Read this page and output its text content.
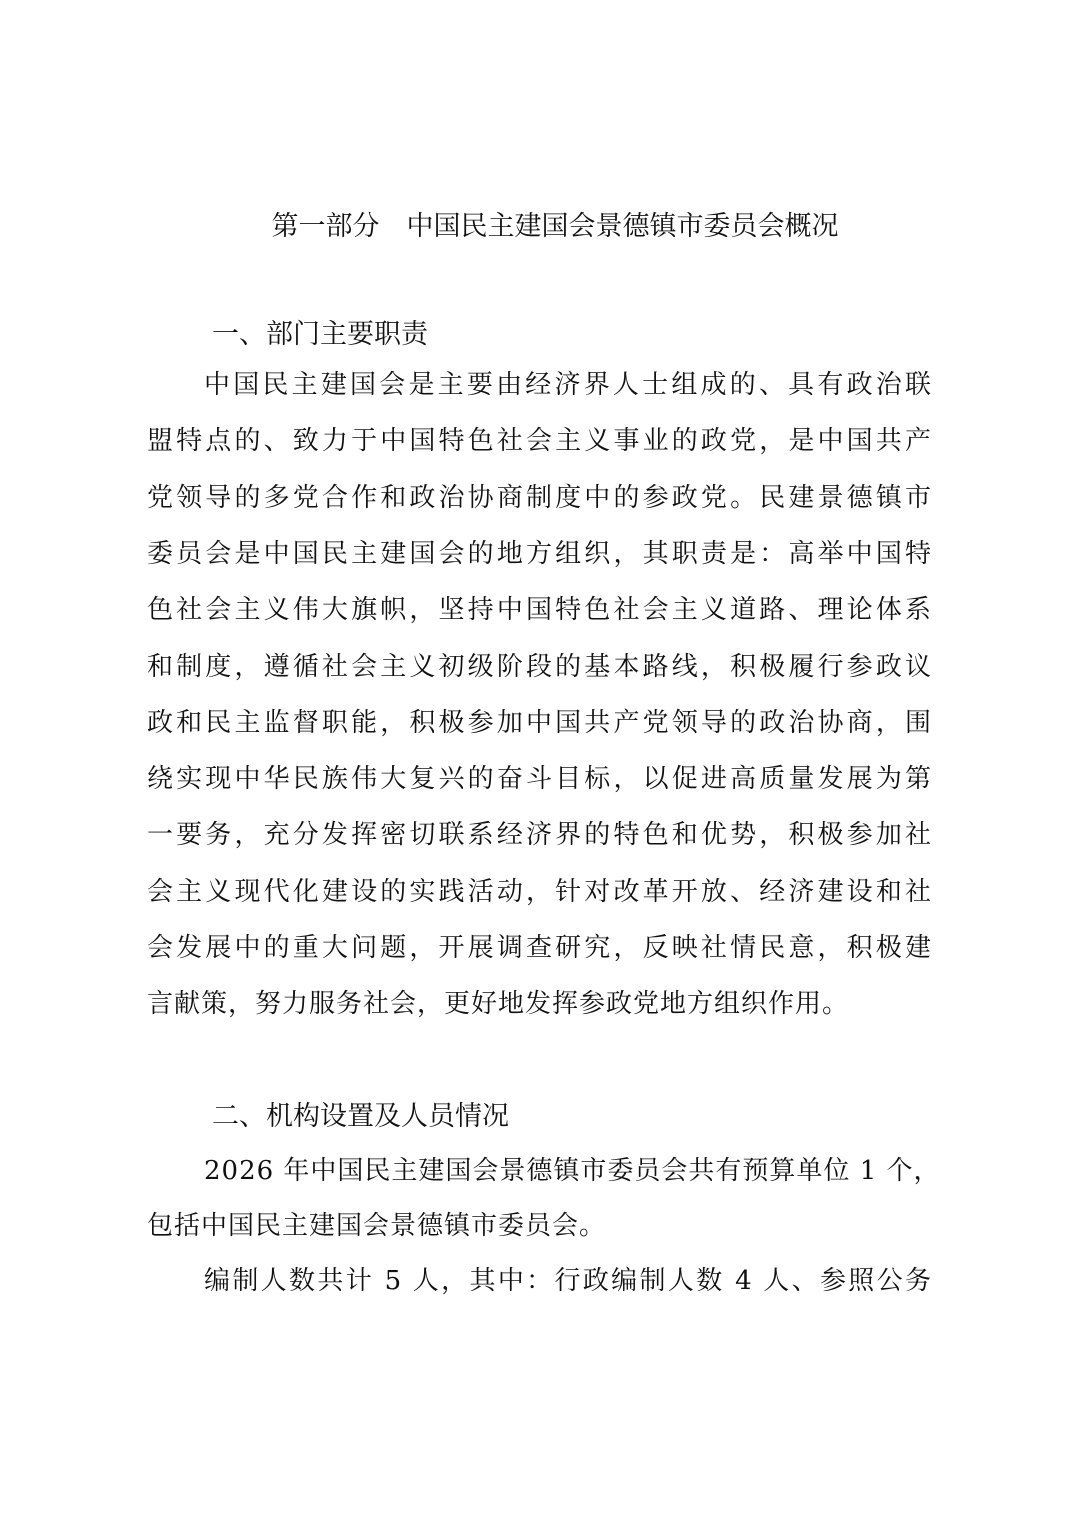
第一部分　中国民主建国会景德镇市委员会概况
一、部门主要职责
中国民主建国会是主要由经济界人士组成的、具有政治联
盟特点的、致力于中国特色社会主义事业的政党，是中国共产
党领导的多党合作和政治协商制度中的参政党。民建景德镇市
委员会是中国民主建国会的地方组织，其职责是：高举中国特
色社会主义伟大旗帜，坚持中国特色社会主义道路、理论体系
和制度，遵循社会主义初级阶段的基本路线，积极履行参政议
政和民主监督职能，积极参加中国共产党领导的政治协商，围
绕实现中华民族伟大复兴的奋斗目标，以促进高质量发展为第
一要务，充分发挥密切联系经济界的特色和优势，积极参加社
会主义现代化建设的实践活动，针对改革开放、经济建设和社
会发展中的重大问题，开展调查研究，反映社情民意，积极建
言献策，努力服务社会，更好地发挥参政党地方组织作用。
二、机构设置及人员情况
2026 年中国民主建国会景德镇市委员会共有预算单位 1 个，
包括中国民主建国会景德镇市委员会。
编制人数共计 5 人，其中：行政编制人数 4 人、参照公务
